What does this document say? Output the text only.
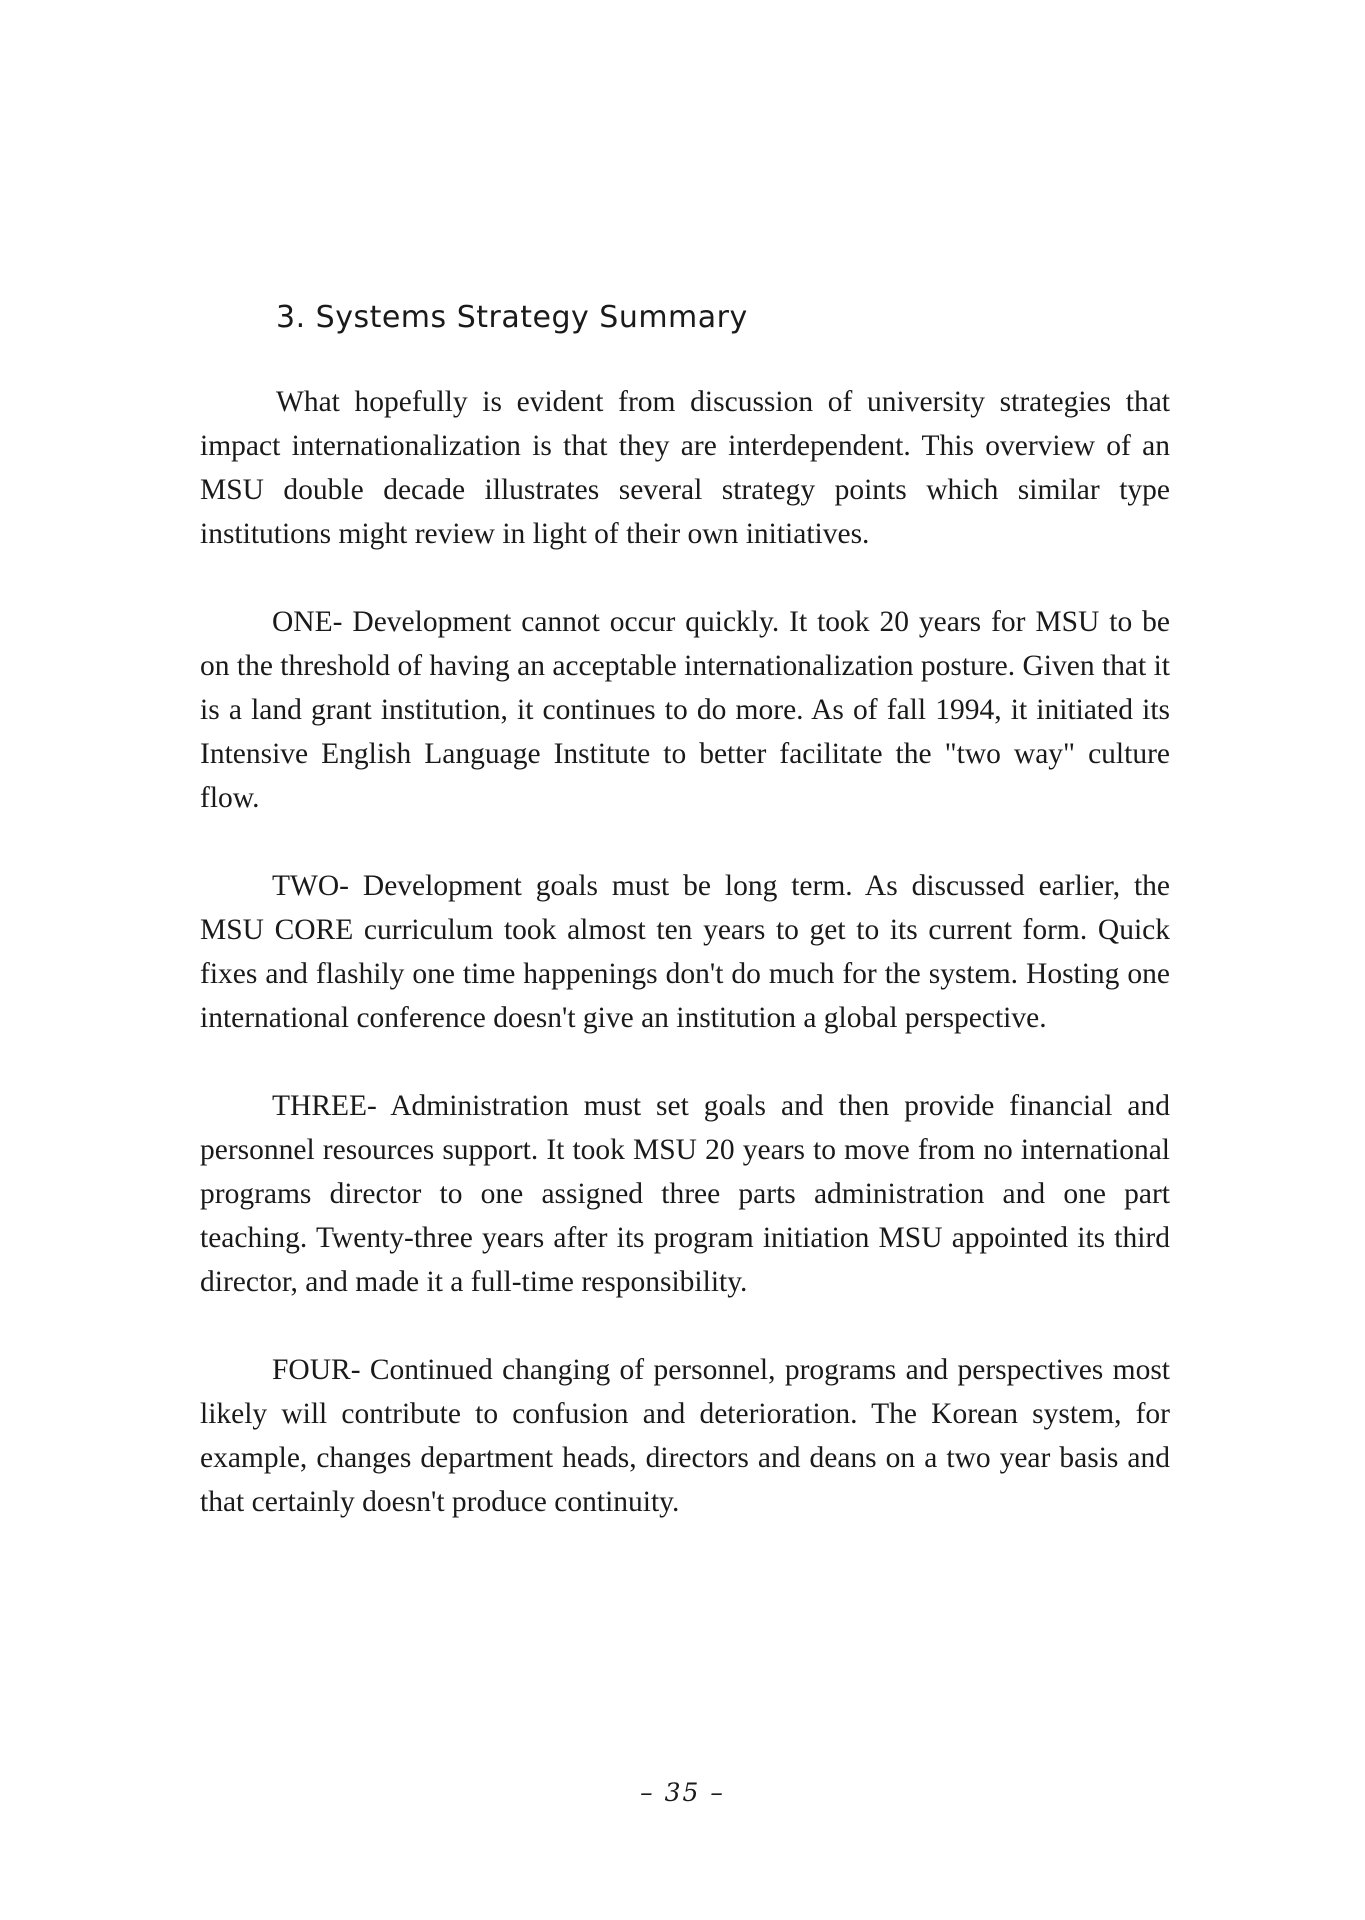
3. Systems Strategy Summary

What hopefully is evident from discussion of university strategies that impact internationalization is that they are interdependent. This overview of an MSU double decade illustrates several strategy points which similar type institutions might review in light of their own initiatives.

ONE- Development cannot occur quickly. It took 20 years for MSU to be on the threshold of having an acceptable internationalization posture. Given that it is a land grant institution, it continues to do more. As of fall 1994, it initiated its Intensive English Language Institute to better facilitate the "two way" culture flow.

TWO- Development goals must be long term. As discussed earlier, the MSU CORE curriculum took almost ten years to get to its current form. Quick fixes and flashily one time happenings don't do much for the system. Hosting one international conference doesn't give an institution a global perspective.

THREE- Administration must set goals and then provide financial and personnel resources support. It took MSU 20 years to move from no international programs director to one assigned three parts administration and one part teaching. Twenty-three years after its program initiation MSU appointed its third director, and made it a full-time responsibility.

FOUR- Continued changing of personnel, programs and perspectives most likely will contribute to confusion and deterioration. The Korean system, for example, changes department heads, directors and deans on a two year basis and that certainly doesn't produce continuity.

– 35 –
